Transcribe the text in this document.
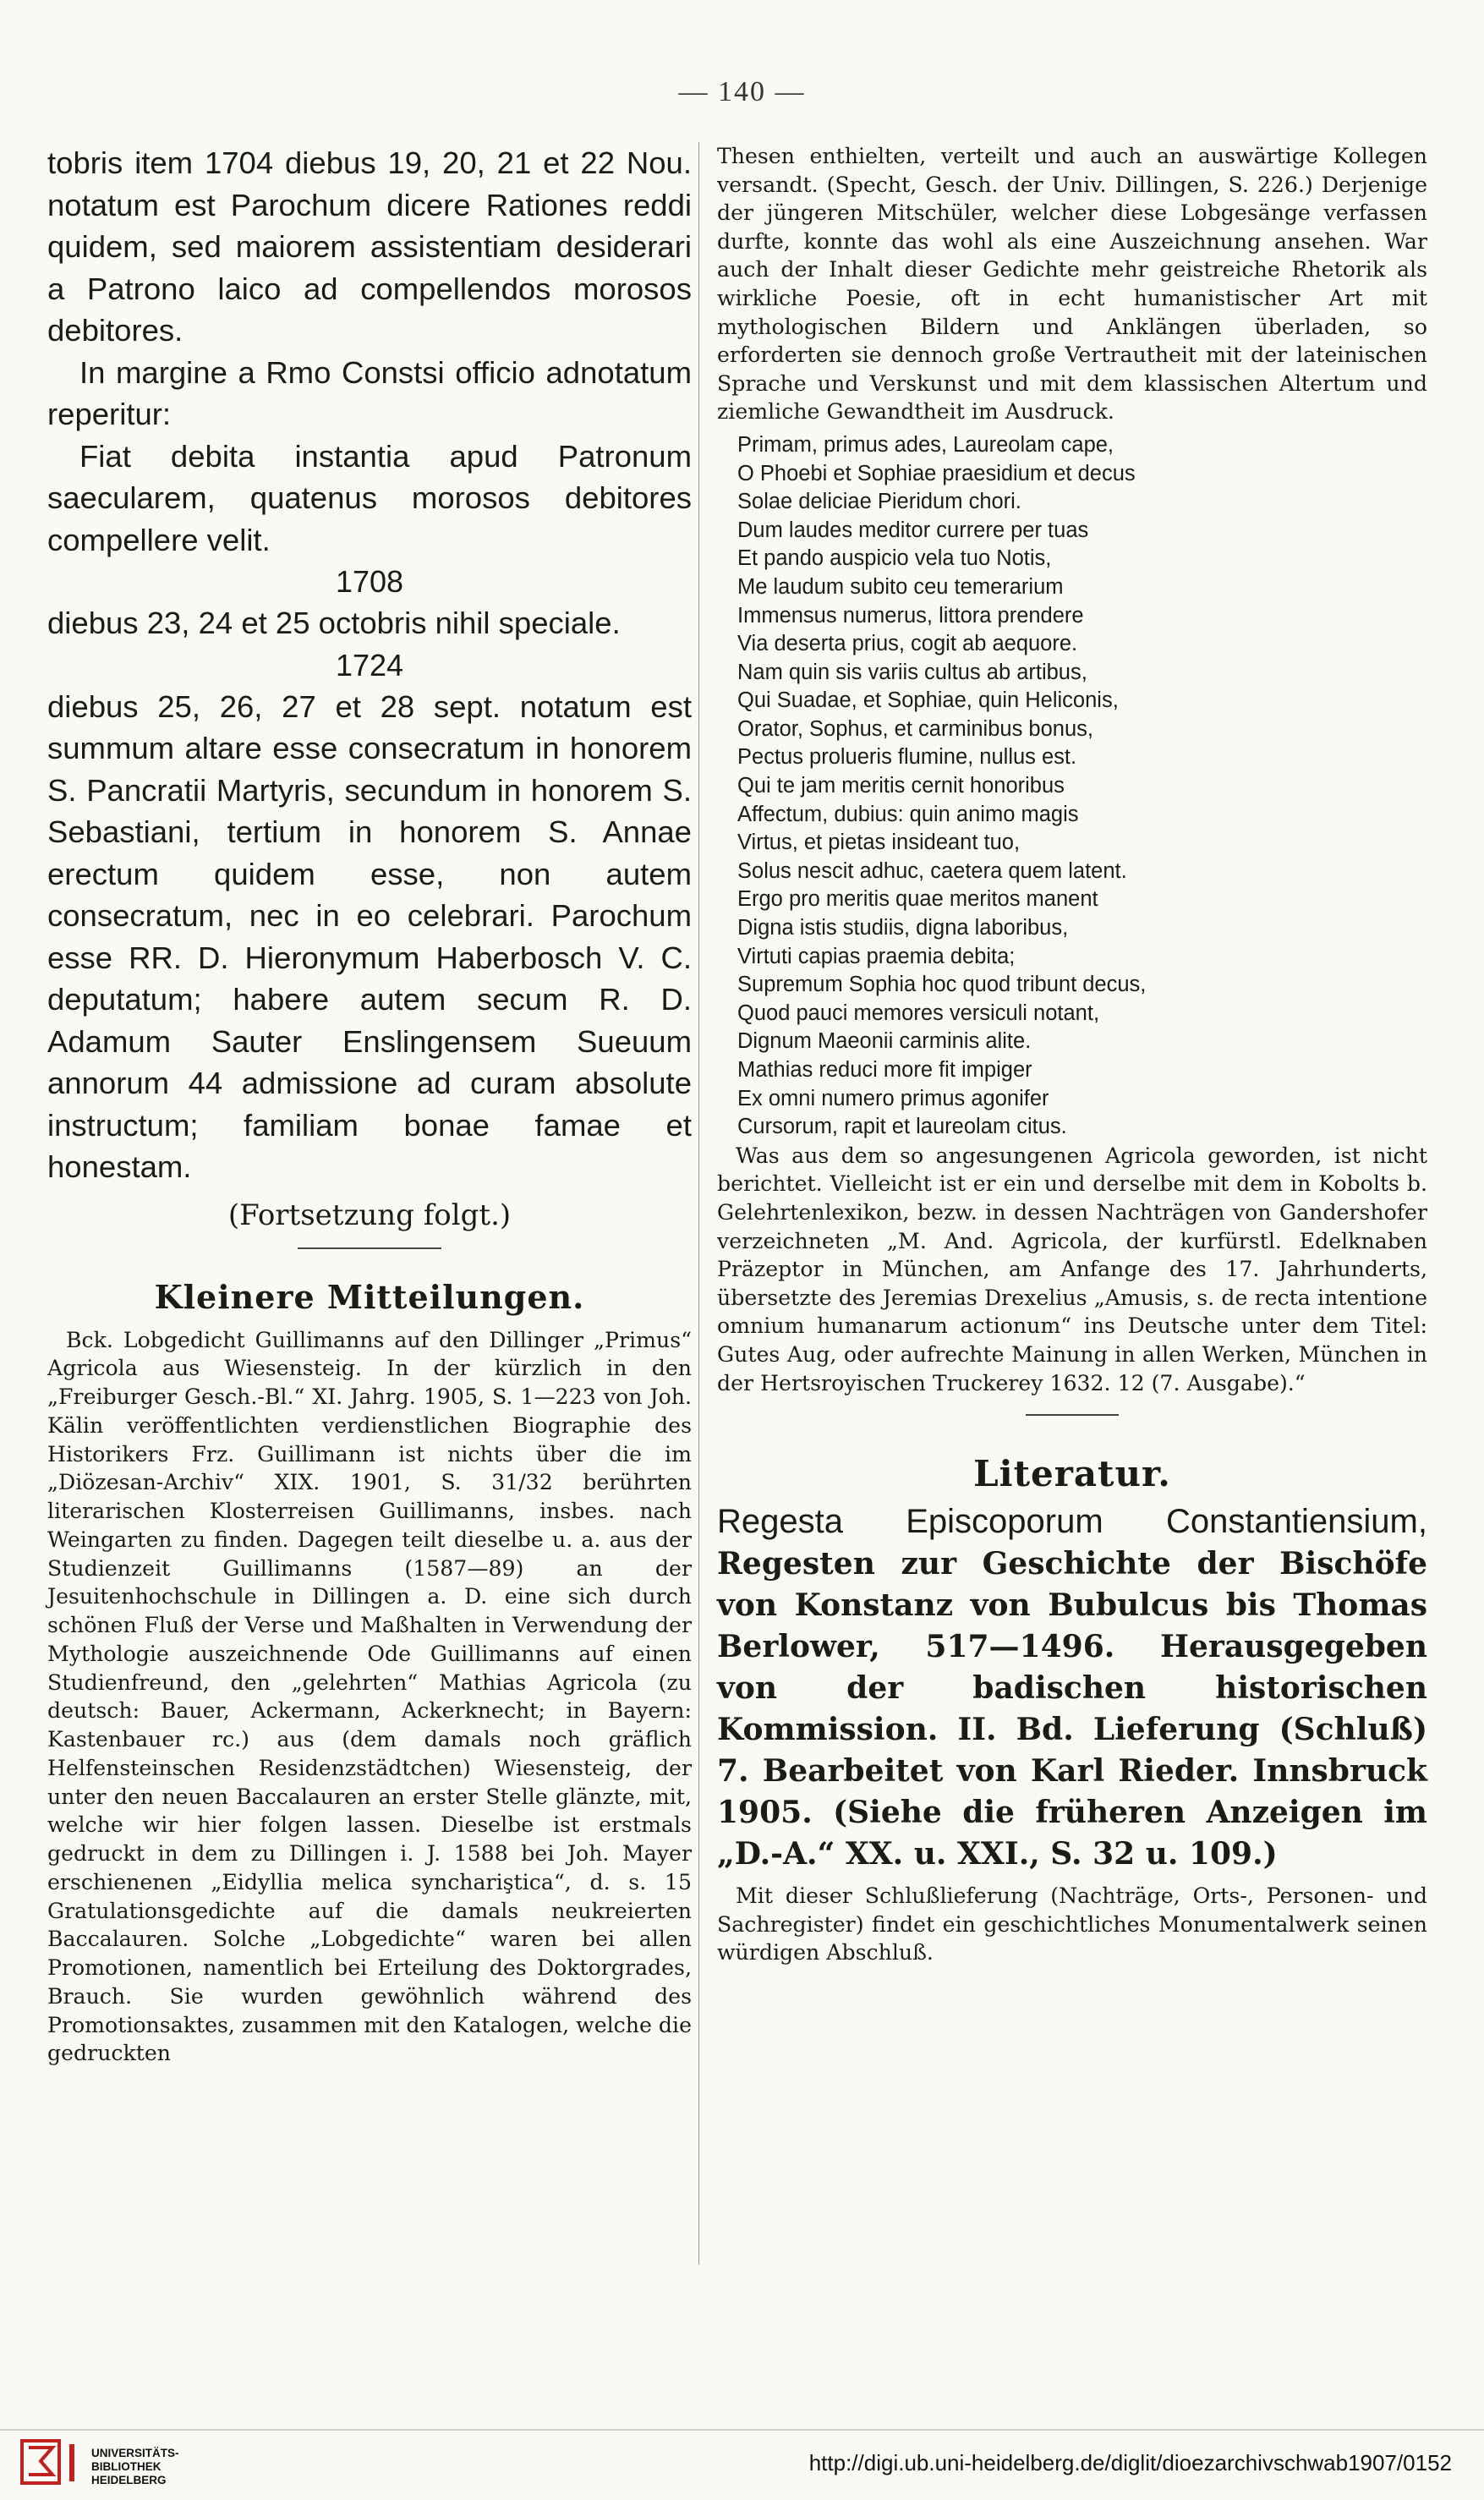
— 140 —

tobris item 1704 diebus 19, 20, 21 et 22 Nou. notatum est Parochum dicere Rationes reddi quidem, sed maiorem assistentiam desiderari a Patrono laico ad compellendos morosos debitores.

In margine a Rmo Constsi officio adnotatum reperitur:

Fiat debita instantia apud Patronum saecularem, quatenus morosos debitores compellere velit.

1708

diebus 23, 24 et 25 octobris nihil speciale.

1724

diebus 25, 26, 27 et 28 sept. notatum est summum altare esse consecratum in honorem S. Pancratii Martyris, secundum in honorem S. Sebastiani, tertium in honorem S. Annae erectum quidem esse, non autem consecratum, nec in eo celebrari. Parochum esse RR. D. Hieronymum Haberbosch V. C. deputatum; habere autem secum R. D. Adamum Sauter Enslingensem Sueuum annorum 44 admissione ad curam absolute instructum; familiam bonae famae et honestam.

(Fortsetzung folgt.)

Kleinere Mitteilungen.

Bck. Lobgedicht Guillimanns auf den Dillinger „Primus“ Agricola aus Wiesensteig. In der kürzlich in den „Freiburger Gesch.-Bl.“ XI. Jahrg. 1905, S. 1—223 von Joh. Kälin veröffentlichten verdienstlichen Biographie des Historikers Frz. Guillimann ist nichts über die im „Diözesan-Archiv“ XIX. 1901, S. 31/32 berührten literarischen Klosterreisen Guillimanns, insbes. nach Weingarten zu finden. Dagegen teilt dieselbe u. a. aus der Studienzeit Guillimanns (1587—89) an der Jesuitenhochschule in Dillingen a. D. eine sich durch schönen Fluß der Verse und Maßhalten in Verwendung der Mythologie auszeichnende Ode Guillimanns auf einen Studienfreund, den „gelehrten“ Mathias Agricola (zu deutsch: Bauer, Ackermann, Ackerknecht; in Bayern: Kastenbauer rc.) aus (dem damals noch gräflich Helfensteinschen Residenzstädtchen) Wiesensteig, der unter den neuen Baccalauren an erster Stelle glänzte, mit, welche wir hier folgen lassen. Dieselbe ist erstmals gedruckt in dem zu Dillingen i. J. 1588 bei Joh. Mayer erschienenen „Eidyllia melica synchariştica“, d. s. 15 Gratulationsgedichte auf die damals neukreierten Baccalauren. Solche „Lobgedichte“ waren bei allen Promotionen, namentlich bei Erteilung des Doktorgrades, Brauch. Sie wurden gewöhnlich während des Promotionsaktes, zusammen mit den Katalogen, welche die gedruckten

Thesen enthielten, verteilt und auch an auswärtige Kollegen versandt. (Specht, Gesch. der Univ. Dillingen, S. 226.) Derjenige der jüngeren Mitschüler, welcher diese Lobgesänge verfassen durfte, konnte das wohl als eine Auszeichnung ansehen. War auch der Inhalt dieser Gedichte mehr geistreiche Rhetorik als wirkliche Poesie, oft in echt humanistischer Art mit mythologischen Bildern und Anklängen überladen, so erforderten sie dennoch große Vertrautheit mit der lateinischen Sprache und Verskunst und mit dem klassischen Altertum und ziemliche Gewandtheit im Ausdruck.

Primam, primus ades, Laureolam cape,
O Phoebi et Sophiae praesidium et decus
Solae deliciae Pieridum chori.
Dum laudes meditor currere per tuas
Et pando auspicio vela tuo Notis,
Me laudum subito ceu temerarium
Immensus numerus, littora prendere
Via deserta prius, cogit ab aequore.
Nam quin sis variis cultus ab artibus,
Qui Suadae, et Sophiae, quin Heliconis,
Orator, Sophus, et carminibus bonus,
Pectus prolueris flumine, nullus est.
Qui te jam meritis cernit honoribus
Affectum, dubius: quin animo magis
Virtus, et pietas insideant tuo,
Solus nescit adhuc, caetera quem latent.
Ergo pro meritis quae meritos manent
Digna istis studiis, digna laboribus,
Virtuti capias praemia debita;
Supremum Sophia hoc quod tribunt decus,
Quod pauci memores versiculi notant,
Dignum Maeonii carminis alite.
Mathias reduci more fit impiger
Ex omni numero primus agonifer
Cursorum, rapit et laureolam citus.

Was aus dem so angesungenen Agricola geworden, ist nicht berichtet. Vielleicht ist er ein und derselbe mit dem in Kobolts b. Gelehrtenlexikon, bezw. in dessen Nachträgen von Gandershofer verzeichneten „M. And. Agricola, der kurfürstl. Edelknaben Präzeptor in München, am Anfange des 17. Jahrhunderts, übersetzte des Jeremias Drexelius „Amusis, s. de recta intentione omnium humanarum actionum“ ins Deutsche unter dem Titel: Gutes Aug, oder aufrechte Mainung in allen Werken, München in der Hertsroyischen Truckerey 1632. 12 (7. Ausgabe).“

Literatur.

Regesta Episcoporum Constantiensium, Regesten zur Geschichte der Bischöfe von Konstanz von Bubulcus bis Thomas Berlower, 517—1496. Herausgegeben von der badischen historischen Kommission. II. Bd. Lieferung (Schluß) 7. Bearbeitet von Karl Rieder. Innsbruck 1905. (Siehe die früheren Anzeigen im „D.-A.“ XX. u. XXI., S. 32 u. 109.)

Mit dieser Schlußlieferung (Nachträge, Orts-, Personen- und Sachregister) findet ein geschichtliches Monumentalwerk seinen würdigen Abschluß.

UNIVERSITÄTS-
BIBLIOTHEK
HEIDELBERG
http://digi.ub.uni-heidelberg.de/diglit/dioezarchivschwab1907/0152
